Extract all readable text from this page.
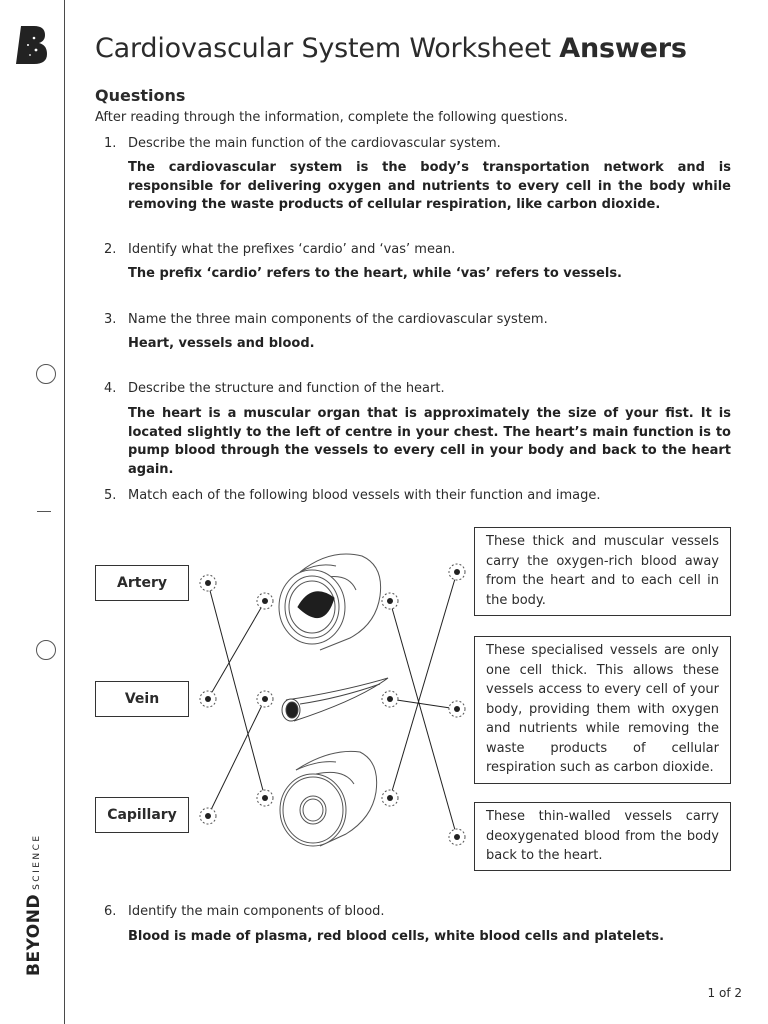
BEYONDSCIENCE
Cardiovascular System Worksheet Answers
Questions
After reading through the information, complete the following questions.
1. Describe the main function of the cardiovascular system.
The cardiovascular system is the body’s transportation network and is responsible for delivering oxygen and nutrients to every cell in the body while removing the waste products of cellular respiration, like carbon dioxide.
2. Identify what the prefixes ‘cardio’ and ‘vas’ mean.
The prefix ‘cardio’ refers to the heart, while ‘vas’ refers to vessels.
3. Name the three main components of the cardiovascular system.
Heart, vessels and blood.
4. Describe the structure and function of the heart.
The heart is a muscular organ that is approximately the size of your fist. It is located slightly to the left of centre in your chest. The heart’s main function is to pump blood through the vessels to every cell in your body and back to the heart again.
5. Match each of the following blood vessels with their function and image.
Artery
Vein
Capillary
These thick and muscular vessels carry the oxygen-rich blood away from the heart and to each cell in the body.
These specialised vessels are only one cell thick. This allows these vessels access to every cell of your body, providing them with oxygen and nutrients while removing the waste products of cellular respiration such as carbon dioxide.
These thin-walled vessels carry deoxygenated blood from the body back to the heart.
6. Identify the main components of blood.
Blood is made of plasma, red blood cells, white blood cells and platelets.
1 of 2
